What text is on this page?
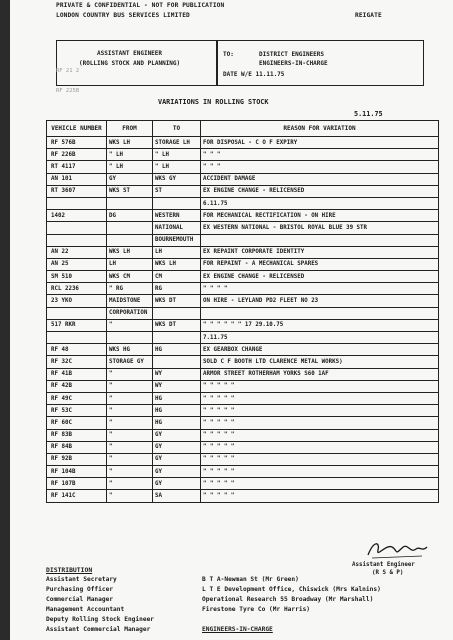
PRIVATE & CONFIDENTIAL - NOT FOR PUBLICATION
LONDON COUNTRY BUS SERVICES LIMITED	REIGATE
ASSISTANT ENGINEER
(ROLLING STOCK AND PLANNING)
TO:	DISTRICT ENGINEERS
ENGINEERS-IN-CHARGE
DATE W/E 11.11.75
RF 21 2
RF 225B
VARIATIONS IN ROLLING STOCK
5.11.75
VEHICLE NUMBER	FROM	TO	REASON FOR VARIATION
RF 576B	WKS LH	STORAGE LH	FOR DISPOSAL - C O F EXPIRY
RF 226B	" LH	" LH	" " "
RT 4117	" LH	" LH	" " "
AN 101	GY	WKS GY	ACCIDENT DAMAGE
RT 3607	WKS ST	ST	EX ENGINE CHANGE - RELICENSED
			6.11.75
1402	DG	WESTERN	FOR MECHANICAL RECTIFICATION - ON HIRE
		NATIONAL	EX WESTERN NATIONAL - BRISTOL ROYAL BLUE 39 STR
		BOURNEMOUTH	
AN 22	WKS LH	LH	EX REPAINT CORPORATE IDENTITY
AN 25	LH	WKS LH	FOR REPAINT - A MECHANICAL SPARES
SM 510	WKS CM	CM	EX ENGINE CHANGE - RELICENSED
RCL 2236	" RG	RG	" " " "
23 YKO	MAIDSTONE	WKS DT	ON HIRE - LEYLAND PD2 FLEET NO 23
	CORPORATION		
517 RKR	"	WKS DT	" " " " " " 17 29.10.75
			7.11.75
RF 48	WKS HG	HG	EX GEARBOX CHANGE
RF 32C	STORAGE GY		SOLD C F BOOTH LTD CLARENCE METAL WORKS)
RF 41B	"	WY	ARMOR STREET ROTHERHAM YORKS S60 1AF
RF 42B	"	WY	" " " " "
RF 49C	"	HG	" " " " "
RF 53C	"	HG	" " " " "
RF 60C	"	HG	" " " " "
RF 83B	"	GY	" " " " "
RF 84B	"	GY	" " " " "
RF 92B	"	GY	" " " " "
RF 104B	"	GY	" " " " "
RF 107B	"	GY	" " " " "
RF 141C	"	SA	" " " " "
Assistant Engineer
(R S & P)
DISTRIBUTION
Assistant Secretary
Purchasing Officer
Commercial Manager
Management Accountant
Deputy Rolling Stock Engineer
Assistant Commercial Manager
B T A-Newman St (Mr Green)
L T E Development Office, Chiswick (Mrs Kalnins)
Operational Research 55 Broadway (Mr Marshall)
Firestone Tyre Co (Mr Harris)
ENGINEERS-IN-CHARGE
